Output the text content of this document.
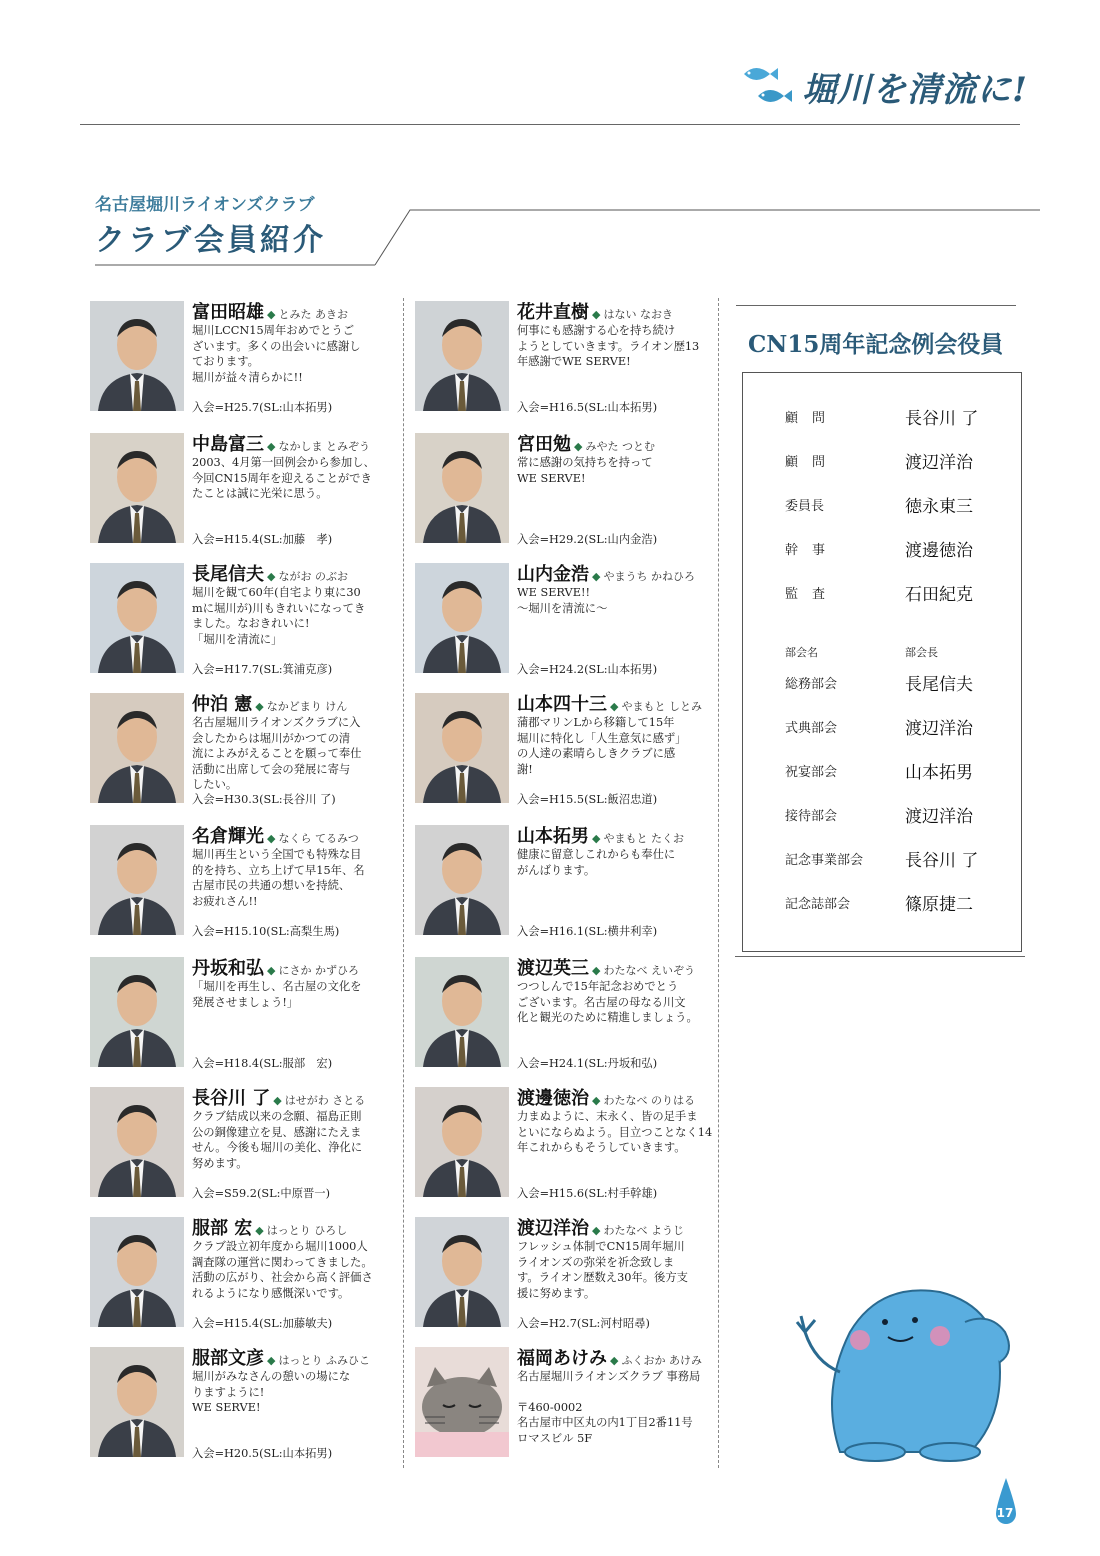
堀川を清流に!
名古屋堀川ライオンズクラブ
クラブ会員紹介
富田昭雄 ◆ とみた あきお
堀川LCCN15周年おめでとうご
ざいます。多くの出会いに感謝し
ております。
堀川が益々清らかに!!
入会=H25.7(SL:山本拓男)
中島富三 ◆ なかしま とみぞう
2003、4月第一回例会から参加し、
今回CN15周年を迎えることができ
たことは誠に光栄に思う。
入会=H15.4(SL:加藤　孝)
長尾信夫 ◆ ながお のぶお
堀川を観て60年(自宅より東に30
mに堀川が)川もきれいになってき
ました。なおきれいに!
「堀川を清流に」
入会=H17.7(SL:箕浦克彦)
仲泊 憲 ◆ なかどまり けん
名古屋堀川ライオンズクラブに入
会したからは堀川がかつての清
流によみがえることを願って奉仕
活動に出席して会の発展に寄与
したい。
入会=H30.3(SL:長谷川 了)
名倉輝光 ◆ なくら てるみつ
堀川再生という全国でも特殊な目
的を持ち、立ち上げて早15年、名
古屋市民の共通の想いを持続、
お疲れさん!!
入会=H15.10(SL:高梨生馬)
丹坂和弘 ◆ にさか かずひろ
「堀川を再生し、名古屋の文化を
発展させましょう!」
入会=H18.4(SL:服部　宏)
長谷川 了 ◆ はせがわ さとる
クラブ結成以来の念願、福島正則
公の銅像建立を見、感謝にたえま
せん。今後も堀川の美化、浄化に
努めます。
入会=S59.2(SL:中原晋一)
服部 宏 ◆ はっとり ひろし
クラブ設立初年度から堀川1000人
調査隊の運営に関わってきました。
活動の広がり、社会から高く評価さ
れるようになり感慨深いです。
入会=H15.4(SL:加藤敏夫)
服部文彦 ◆ はっとり ふみひこ
堀川がみなさんの憩いの場にな
りますように!
WE SERVE!
入会=H20.5(SL:山本拓男)
花井直樹 ◆ はない なおき
何事にも感謝する心を持ち続け
ようとしていきます。ライオン歴13
年感謝でWE SERVE!
入会=H16.5(SL:山本拓男)
宮田勉 ◆ みやた つとむ
常に感謝の気持ちを持って
WE SERVE!
入会=H29.2(SL:山内金浩)
山内金浩 ◆ やまうち かねひろ
WE SERVE!!
〜堀川を清流に〜
入会=H24.2(SL:山本拓男)
山本四十三 ◆ やまもと しとみ
蒲郡マリンLから移籍して15年
堀川に特化し「人生意気に感ず」
の人達の素晴らしきクラブに感
謝!
入会=H15.5(SL:飯沼忠道)
山本拓男 ◆ やまもと たくお
健康に留意しこれからも奉仕に
がんばります。
入会=H16.1(SL:横井利幸)
渡辺英三 ◆ わたなべ えいぞう
つつしんで15年記念おめでとう
ございます。名古屋の母なる川文
化と観光のために精進しましょう。
入会=H24.1(SL:丹坂和弘)
渡邊徳治 ◆ わたなべ のりはる
力まぬように、末永く、皆の足手ま
といにならぬよう。目立つことなく14
年これからもそうしていきます。
入会=H15.6(SL:村手幹雄)
渡辺洋治 ◆ わたなべ ようじ
フレッシュ体制でCN15周年堀川
ライオンズの弥栄を祈念致しま
す。ライオン歴数え30年。後方支
援に努めます。
入会=H2.7(SL:河村昭尋)
福岡あけみ ◆ ふくおか あけみ
名古屋堀川ライオンズクラブ 事務局
〒460-0002
名古屋市中区丸の内1丁目2番11号
ロマスビル 5F
CN15周年記念例会役員
顧問	長谷川 了
顧問	渡辺洋治
委員長	徳永東三
幹事	渡邊徳治
監査	石田紀克
部会名	部会長
総務部会	長尾信夫
式典部会	渡辺洋治
祝宴部会	山本拓男
接待部会	渡辺洋治
記念事業部会 長谷川 了
記念誌部会	篠原捷二
17
